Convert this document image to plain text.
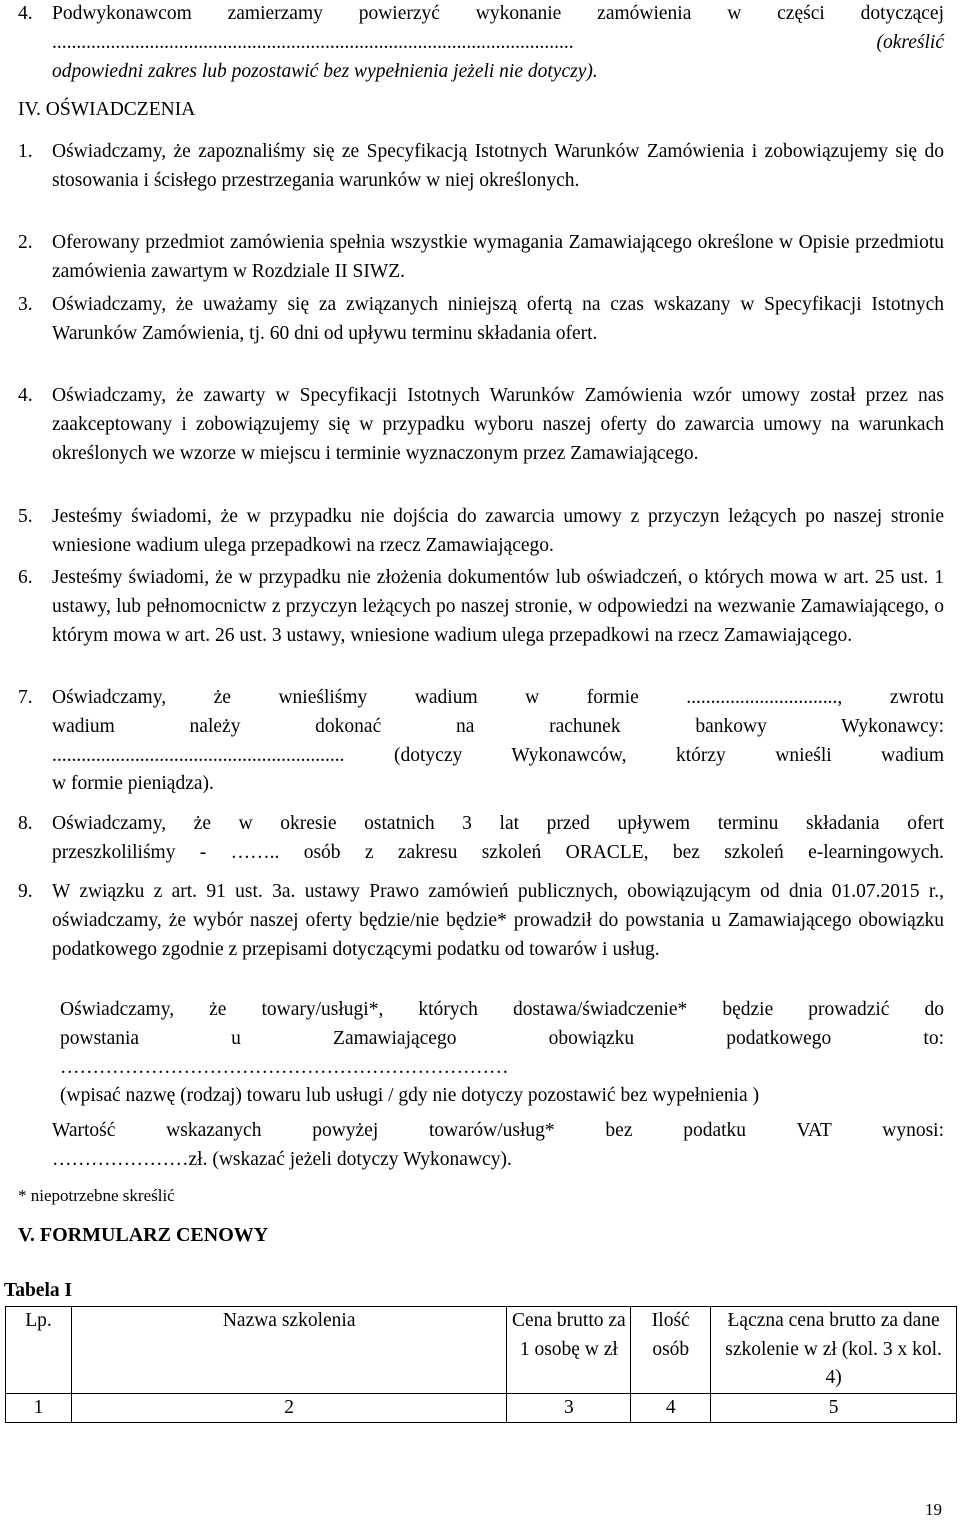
4. Podwykonawcom zamierzamy powierzyć wykonanie zamówienia w części dotyczącej
...........................................................................................................	(określić
odpowiedni zakres lub pozostawić bez wypełnienia jeżeli nie dotyczy).
IV. OŚWIADCZENIA
1. Oświadczamy, że zapoznaliśmy się ze Specyfikacją Istotnych Warunków Zamówienia i zobowiązujemy się do stosowania i ścisłego przestrzegania warunków w niej określonych.
2. Oferowany przedmiot zamówienia spełnia wszystkie wymagania Zamawiającego określone w Opisie przedmiotu zamówienia zawartym w Rozdziale II SIWZ.
3. Oświadczamy, że uważamy się za związanych niniejszą ofertą na czas wskazany w Specyfikacji Istotnych Warunków Zamówienia, tj. 60 dni od upływu terminu składania ofert.
4. Oświadczamy, że zawarty w Specyfikacji Istotnych Warunków Zamówienia wzór umowy został przez nas zaakceptowany i zobowiązujemy się w przypadku wyboru naszej oferty do zawarcia umowy na warunkach określonych we wzorze w miejscu i terminie wyznaczonym przez Zamawiającego.
5. Jesteśmy świadomi, że w przypadku nie dojścia do zawarcia umowy z przyczyn leżących po naszej stronie wniesione wadium ulega przepadkowi na rzecz Zamawiającego.
6. Jesteśmy świadomi, że w przypadku nie złożenia dokumentów lub oświadczeń, o których mowa w art. 25 ust. 1 ustawy, lub pełnomocnictw z przyczyn leżących po naszej stronie, w odpowiedzi na wezwanie Zamawiającego, o którym mowa w art. 26 ust. 3 ustawy, wniesione wadium ulega przepadkowi na rzecz Zamawiającego.
7. Oświadczamy, że wnieśliśmy wadium w formie ..............................., zwrotu
wadium należy dokonać na rachunek bankowy Wykonawcy:
............................................................ (dotyczy Wykonawców, którzy wnieśli wadium
w formie pieniądza).
8. Oświadczamy, że w okresie ostatnich 3 lat przed upływem terminu składania ofert
przeszkoliliśmy - …….. osób z zakresu szkoleń ORACLE, bez szkoleń e-learningowych.
9. W związku z art. 91 ust. 3a. ustawy Prawo zamówień publicznych, obowiązującym od dnia 01.07.2015 r., oświadczamy, że wybór naszej oferty będzie/nie będzie* prowadził do powstania u Zamawiającego obowiązku podatkowego zgodnie z przepisami dotyczącymi podatku od towarów i usług.
Oświadczamy, że towary/usługi*, których dostawa/świadczenie* będzie prowadzić do
powstania u Zamawiającego obowiązku podatkowego to:
……………………………………………………………
(wpisać nazwę (rodzaj) towaru lub usługi / gdy nie dotyczy pozostawić bez wypełnienia )
Wartość wskazanych powyżej towarów/usług* bez podatku VAT wynosi:
…………………zł. (wskazać jeżeli dotyczy Wykonawcy).
* niepotrzebne skreślić
V. FORMULARZ CENOWY
Tabela I
Lp.	Nazwa szkolenia	Cena brutto za 1 osobę w zł	Ilość osób	Łączna cena brutto za dane szkolenie w zł (kol. 3 x kol. 4)
1	2	3	4	5
19
